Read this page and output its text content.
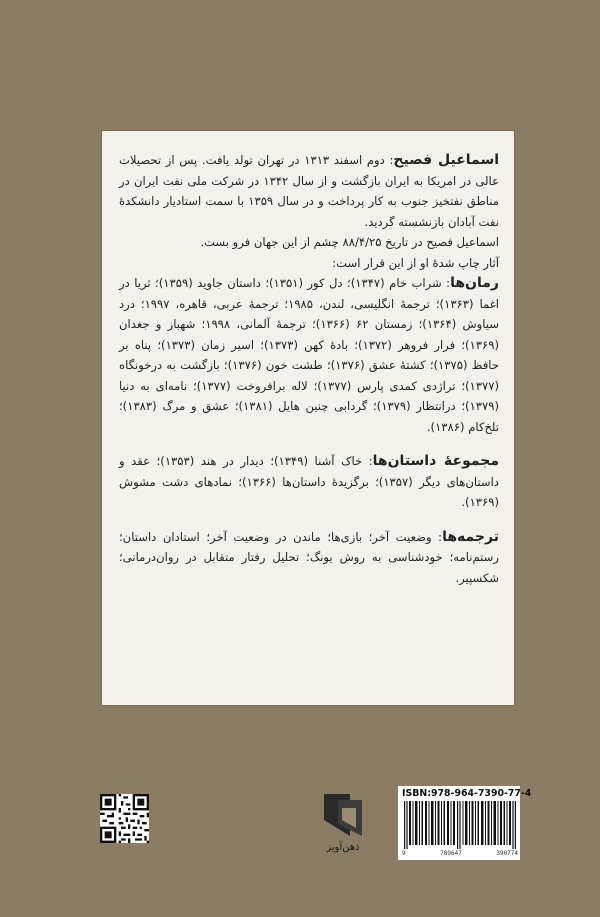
اسماعیل فصیح: دوم اسفند ۱۳۱۳ در تهران تولد یافت. پس از تحصیلات عالی در امریکا به ایران بازگشت و از سال ۱۳۴۲ در شرکت ملی نفت ایران در مناطق نفتخیز جنوب به کار پرداخت و در سال ۱۳۵۹ با سمت استادیار دانشکدهٔ نفت آبادان بازنشسته گردید.

اسماعیل فصیح در تاریخ ۸۸/۴/۲۵ چشم از این جهان فرو بست.

آثار چاپ شدهٔ او از این قرار است:

رمان‌ها: شراب خام (۱۳۴۷)؛ دل کور (۱۳۵۱)؛ داستان جاوید (۱۳۵۹)؛ ثریا در اغما (۱۳۶۳)؛ ترجمهٔ انگلیسی، لندن، ۱۹۸۵؛ ترجمهٔ عربی، قاهره، ۱۹۹۷؛ درد سیاوش (۱۳۶۴)؛ زمستان ۶۲ (۱۳۶۶)؛ ترجمهٔ آلمانی، ۱۹۹۸؛ شهباز و جغدان (۱۳۶۹)؛ فرار فروهر (۱۳۷۲)؛ بادهٔ کهن (۱۳۷۳)؛ اسیر زمان (۱۳۷۳)؛ پناه بر حافظ (۱۳۷۵)؛ کشتهٔ عشق (۱۳۷۶)؛ طشت خون (۱۳۷۶)؛ بازگشت به درخونگاه (۱۳۷۷)؛ تراژدی کمدی پارس (۱۳۷۷)؛ لاله برافروخت (۱۳۷۷)؛ نامه‌ای به دنیا (۱۳۷۹)؛ درانتظار (۱۳۷۹)؛ گردابی چنین هایل (۱۳۸۱)؛ عشق و مرگ (۱۳۸۳)؛ تلخ‌کام (۱۳۸۶).

مجموعهٔ داستان‌ها: خاک آشنا (۱۳۴۹)؛ دیدار در هند (۱۳۵۳)؛ عقد و داستان‌های دیگر (۱۳۵۷)؛ برگزیدهٔ داستان‌ها (۱۳۶۶)؛ نمادهای دشت مشوش (۱۳۶۹).

ترجمه‌ها: وضعیت آخر؛ بازی‌ها؛ ماندن در وضعیت آخر؛ استادان داستان؛ رستم‌نامه؛ خودشناسی به روش یونگ؛ تحلیل رفتار متقابل در روان‌درمانی؛ شکسپیر.

ذهن‌آویز
ISBN:978-964-7390-77-4
9	789647	390774
